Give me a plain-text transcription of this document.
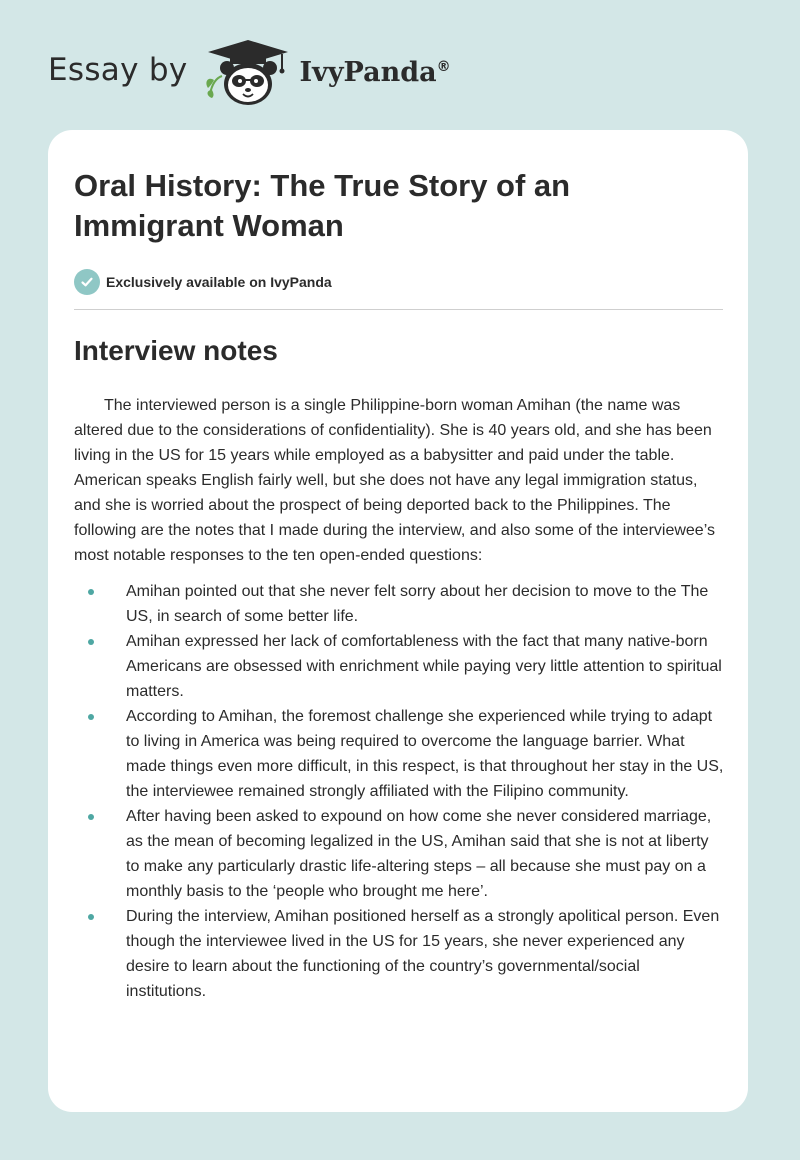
Essay by	IvyPanda®
Oral History: The True Story of an Immigrant Woman
Exclusively available on IvyPanda
Interview notes

The interviewed person is a single Philippine-born woman Amihan (the name was altered due to the considerations of confidentiality). She is 40 years old, and she has been living in the US for 15 years while employed as a babysitter and paid under the table. American speaks English fairly well, but she does not have any legal immigration status, and she is worried about the prospect of being deported back to the Philippines. The following are the notes that I made during the interview, and also some of the interviewee’s most notable responses to the ten open-ended questions:

Amihan pointed out that she never felt sorry about her decision to move to the The US, in search of some better life.
Amihan expressed her lack of comfortableness with the fact that many native-born Americans are obsessed with enrichment while paying very little attention to spiritual matters.
According to Amihan, the foremost challenge she experienced while trying to adapt to living in America was being required to overcome the language barrier. What made things even more difficult, in this respect, is that throughout her stay in the US, the interviewee remained strongly affiliated with the Filipino community.
After having been asked to expound on how come she never considered marriage, as the mean of becoming legalized in the US, Amihan said that she is not at liberty to make any particularly drastic life-altering steps – all because she must pay on a monthly basis to the ‘people who brought me here’.
During the interview, Amihan positioned herself as a strongly apolitical person. Even though the interviewee lived in the US for 15 years, she never experienced any desire to learn about the functioning of the country’s governmental/social institutions.
